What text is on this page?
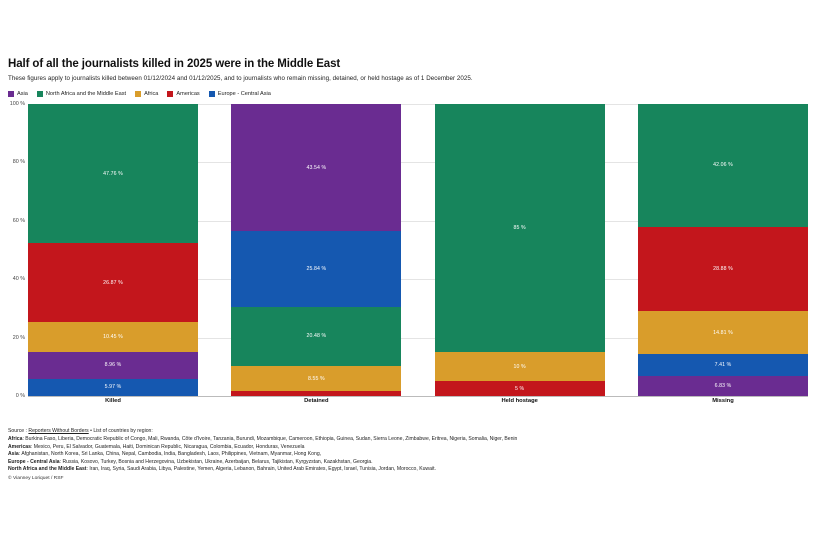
Half of all the journalists killed in 2025 were in the Middle East

These figures apply to journalists killed between 01/12/2024 and 01/12/2025, and to journalists who remain missing, detained, or held hostage as of 1 December 2025.

Asia	North Africa and the Middle East	Africa	Americas	Europe - Central Asia
0 %
20 %
40 %
60 %
80 %
100 %
47.76 %
26.87 %
10.45 %
8.96 %
5.97 %
43.54 %
25.84 %
20.48 %
8.55 %
85 %
10 %
5 %
42.06 %
28.88 %
14.81 %
7.41 %
6.83 %
Killed	Detained	Held hostage	Missing
Source : Reporters Without Borders • List of countries by region:
Africa: Burkina Faso, Liberia, Democratic Republic of Congo, Mali, Rwanda, Côte d'Ivoire, Tanzania, Burundi, Mozambique, Cameroon, Ethiopia, Guinea, Sudan, Sierra Leone, Zimbabwe, Eritrea, Nigeria, Somalia, Niger, Benin
Americas: Mexico, Peru, El Salvador, Guatemala, Haiti, Dominican Republic, Nicaragua, Colombia, Ecuador, Honduras, Venezuela
Asia: Afghanistan, North Korea, Sri Lanka, China, Nepal, Cambodia, India, Bangladesh, Laos, Philippines, Vietnam, Myanmar, Hong Kong,
Europe - Central Asia: Russia, Kosovo, Turkey, Bosnia and Herzegovina, Uzbekistan, Ukraine, Azerbaijan, Belarus, Tajikistan, Kyrgyzstan, Kazakhstan, Georgia.
North Africa and the Middle East: Iran, Iraq, Syria, Saudi Arabia, Libya, Palestine, Yemen, Algeria, Lebanon, Bahrain, United Arab Emirates, Egypt, Israel, Tunisia, Jordan, Morocco, Kuwait.
© Vianney Loriquet / RSF
